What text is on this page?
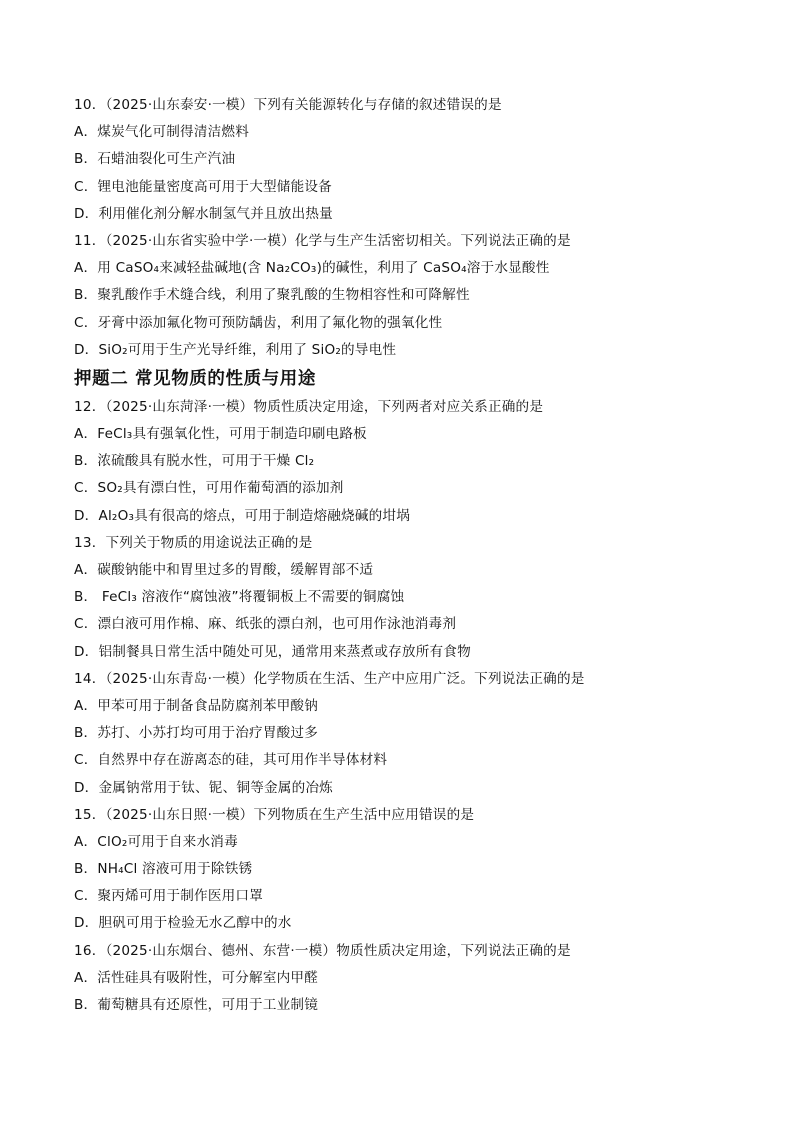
10．（2025·山东泰安·一模）下列有关能源转化与存储的叙述错误的是
A．煤炭气化可制得清洁燃料
B．石蜡油裂化可生产汽油
C．锂电池能量密度高可用于大型储能设备
D．利用催化剂分解水制氢气并且放出热量
11．（2025·山东省实验中学·一模）化学与生产生活密切相关。下列说法正确的是
A．用 CaSO₄来减轻盐碱地(含 Na₂CO₃)的碱性，利用了 CaSO₄溶于水显酸性
B．聚乳酸作手术缝合线，利用了聚乳酸的生物相容性和可降解性
C．牙膏中添加氟化物可预防龋齿，利用了氟化物的强氧化性
D．SiO₂可用于生产光导纤维，利用了 SiO₂的导电性
押题二 常见物质的性质与用途
12．（2025·山东菏泽·一模）物质性质决定用途，下列两者对应关系正确的是
A．FeCl₃具有强氧化性，可用于制造印刷电路板
B．浓硫酸具有脱水性，可用于干燥 Cl₂
C．SO₂具有漂白性，可用作葡萄酒的添加剂
D．Al₂O₃具有很高的熔点，可用于制造熔融烧碱的坩埚
13．下列关于物质的用途说法正确的是
A．碳酸钠能中和胃里过多的胃酸，缓解胃部不适
B． FeCl₃ 溶液作“腐蚀液”将覆铜板上不需要的铜腐蚀
C．漂白液可用作棉、麻、纸张的漂白剂，也可用作泳池消毒剂
D．铝制餐具日常生活中随处可见，通常用来蒸煮或存放所有食物
14．（2025·山东青岛·一模）化学物质在生活、生产中应用广泛。下列说法正确的是
A．甲苯可用于制备食品防腐剂苯甲酸钠
B．苏打、小苏打均可用于治疗胃酸过多
C．自然界中存在游离态的硅，其可用作半导体材料
D．金属钠常用于钛、铌、铜等金属的冶炼
15．（2025·山东日照·一模）下列物质在生产生活中应用错误的是
A．ClO₂可用于自来水消毒
B．NH₄Cl 溶液可用于除铁锈
C．聚丙烯可用于制作医用口罩
D．胆矾可用于检验无水乙醇中的水
16．（2025·山东烟台、德州、东营·一模）物质性质决定用途，下列说法正确的是
A．活性硅具有吸附性，可分解室内甲醛
B．葡萄糖具有还原性，可用于工业制镜
